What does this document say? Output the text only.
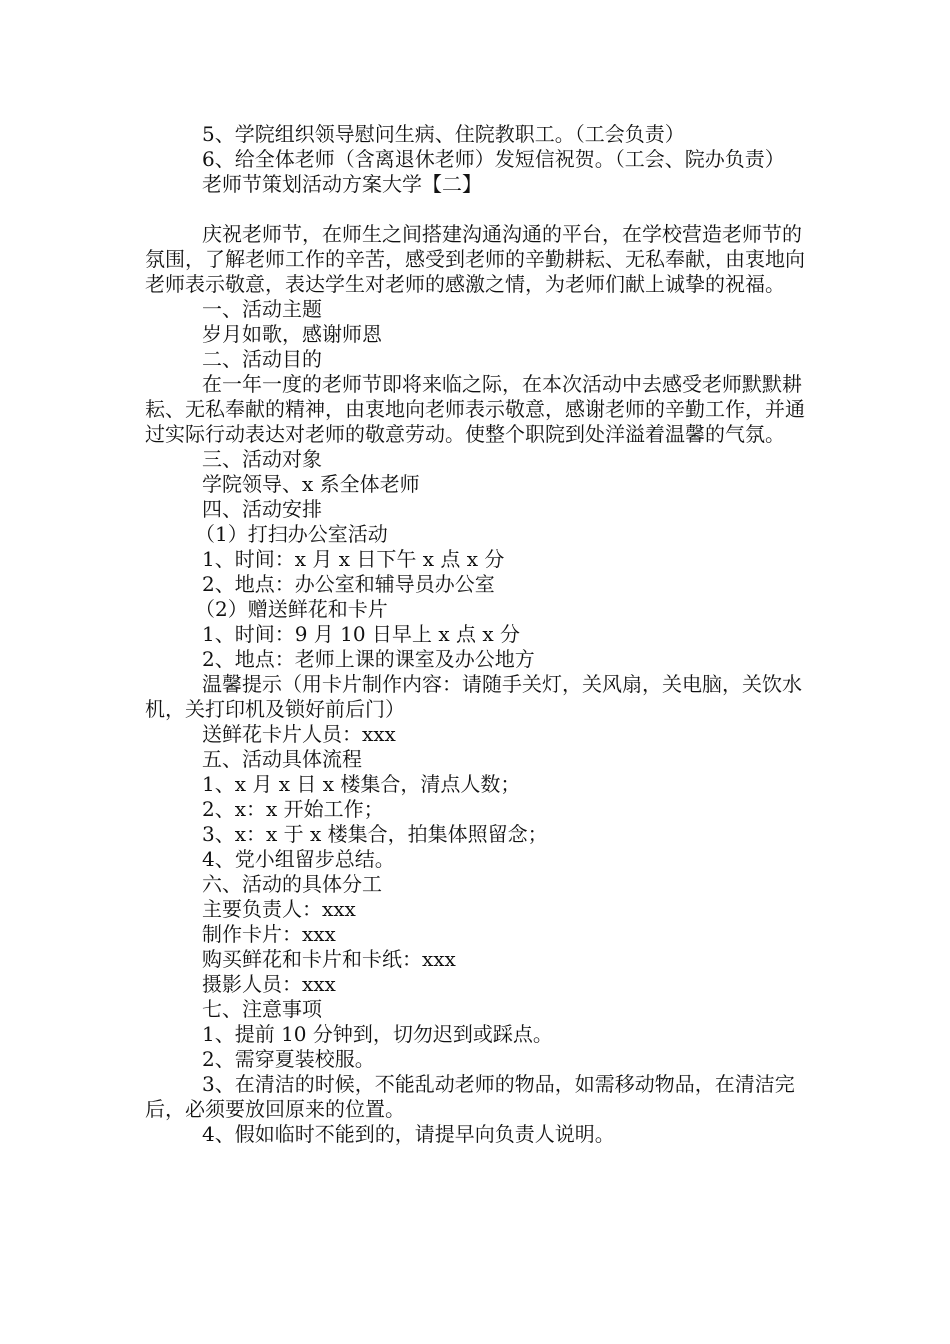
5、学院组织领导慰问生病、住院教职工。（工会负责）

6、给全体老师（含离退休老师）发短信祝贺。（工会、院办负责）

老师节策划活动方案大学【二】

庆祝老师节，在师生之间搭建沟通沟通的平台，在学校营造老师节的氛围，了解老师工作的辛苦，感受到老师的辛勤耕耘、无私奉献，由衷地向老师表示敬意，表达学生对老师的感激之情，为老师们献上诚挚的祝福。

一、活动主题

岁月如歌，感谢师恩

二、活动目的

在一年一度的老师节即将来临之际，在本次活动中去感受老师默默耕耘、无私奉献的精神，由衷地向老师表示敬意，感谢老师的辛勤工作，并通过实际行动表达对老师的敬意劳动。使整个职院到处洋溢着温馨的气氛。

三、活动对象

学院领导、x 系全体老师

四、活动安排

（1）打扫办公室活动

1、时间：x 月 x 日下午 x 点 x 分

2、地点：办公室和辅导员办公室

（2）赠送鲜花和卡片

1、时间：9 月 10 日早上 x 点 x 分

2、地点：老师上课的课室及办公地方

温馨提示（用卡片制作内容：请随手关灯，关风扇，关电脑，关饮水机，关打印机及锁好前后门）

送鲜花卡片人员：xxx

五、活动具体流程

1、x 月 x 日 x 楼集合，清点人数；

2、x：x 开始工作；

3、x：x 于 x 楼集合，拍集体照留念；

4、党小组留步总结。

六、活动的具体分工

主要负责人：xxx

制作卡片：xxx

购买鲜花和卡片和卡纸：xxx

摄影人员：xxx

七、注意事项

1、提前 10 分钟到，切勿迟到或踩点。

2、需穿夏装校服。

3、在清洁的时候，不能乱动老师的物品，如需移动物品，在清洁完后，必须要放回原来的位置。

4、假如临时不能到的，请提早向负责人说明。
